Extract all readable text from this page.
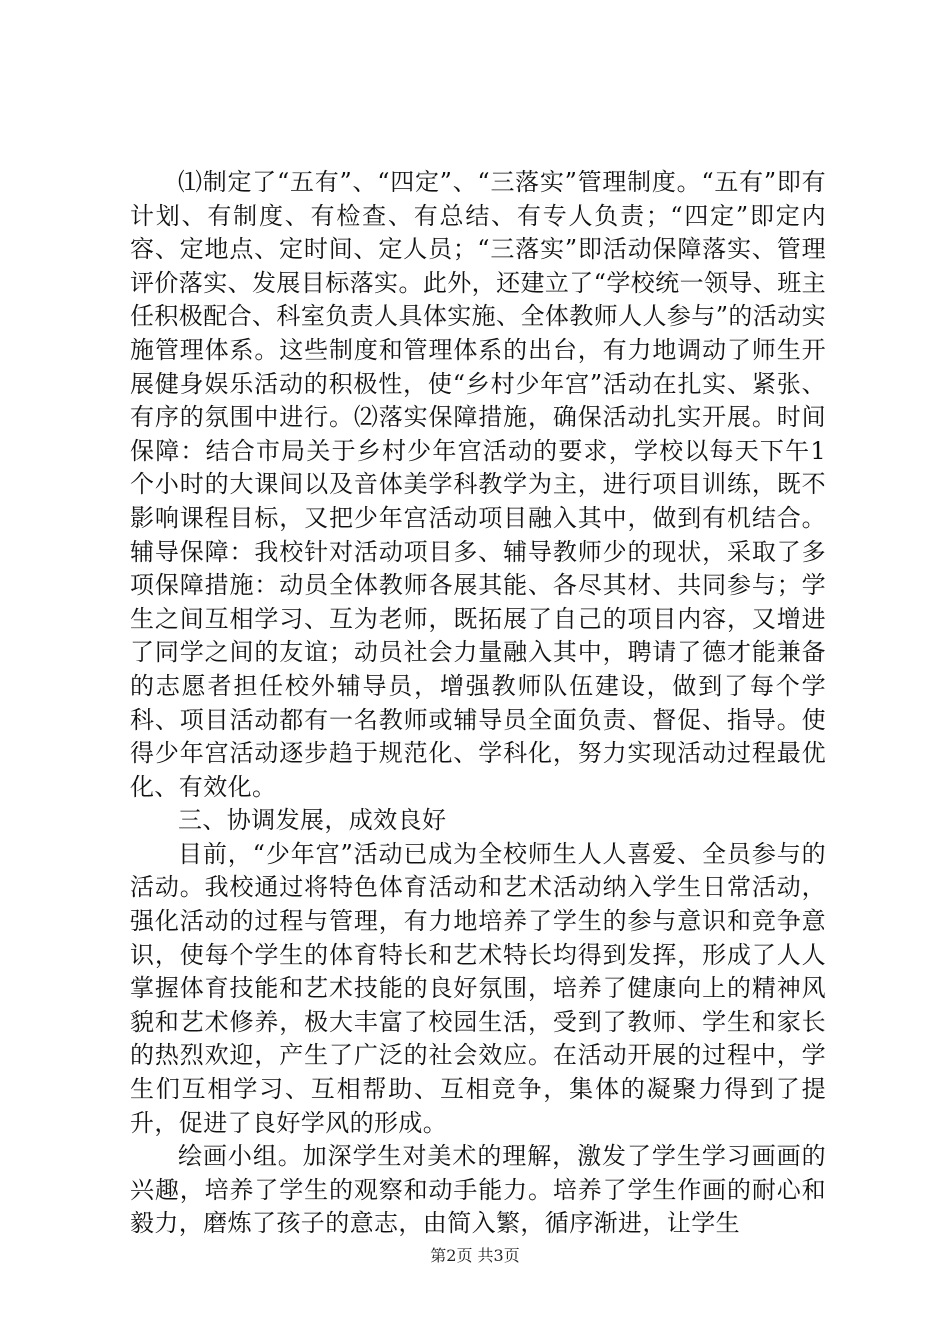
⑴制定了“五有”、“四定”、“三落实”管理制度。“五有”即有计划、有制度、有检查、有总结、有专人负责；“四定”即定内容、定地点、定时间、定人员；“三落实”即活动保障落实、管理评价落实、发展目标落实。此外，还建立了“学校统一领导、班主任积极配合、科室负责人具体实施、全体教师人人参与”的活动实施管理体系。这些制度和管理体系的出台，有力地调动了师生开展健身娱乐活动的积极性，使“乡村少年宫”活动在扎实、紧张、有序的氛围中进行。⑵落实保障措施，确保活动扎实开展。时间保障：结合市局关于乡村少年宫活动的要求，学校以每天下午1个小时的大课间以及音体美学科教学为主，进行项目训练，既不影响课程目标，又把少年宫活动项目融入其中，做到有机结合。辅导保障：我校针对活动项目多、辅导教师少的现状，采取了多项保障措施：动员全体教师各展其能、各尽其材、共同参与；学生之间互相学习、互为老师，既拓展了自己的项目内容，又增进了同学之间的友谊；动员社会力量融入其中，聘请了德才能兼备的志愿者担任校外辅导员，增强教师队伍建设，做到了每个学科、项目活动都有一名教师或辅导员全面负责、督促、指导。使得少年宫活动逐步趋于规范化、学科化，努力实现活动过程最优化、有效化。

三、协调发展，成效良好

目前，“少年宫”活动已成为全校师生人人喜爱、全员参与的活动。我校通过将特色体育活动和艺术活动纳入学生日常活动，强化活动的过程与管理，有力地培养了学生的参与意识和竞争意识，使每个学生的体育特长和艺术特长均得到发挥，形成了人人掌握体育技能和艺术技能的良好氛围，培养了健康向上的精神风貌和艺术修养，极大丰富了校园生活，受到了教师、学生和家长的热烈欢迎，产生了广泛的社会效应。在活动开展的过程中，学生们互相学习、互相帮助、互相竞争，集体的凝聚力得到了提升，促进了良好学风的形成。

绘画小组。加深学生对美术的理解，激发了学生学习画画的兴趣，培养了学生的观察和动手能力。培养了学生作画的耐心和毅力，磨炼了孩子的意志，由简入繁，循序渐进，让学生

第2页 共3页
